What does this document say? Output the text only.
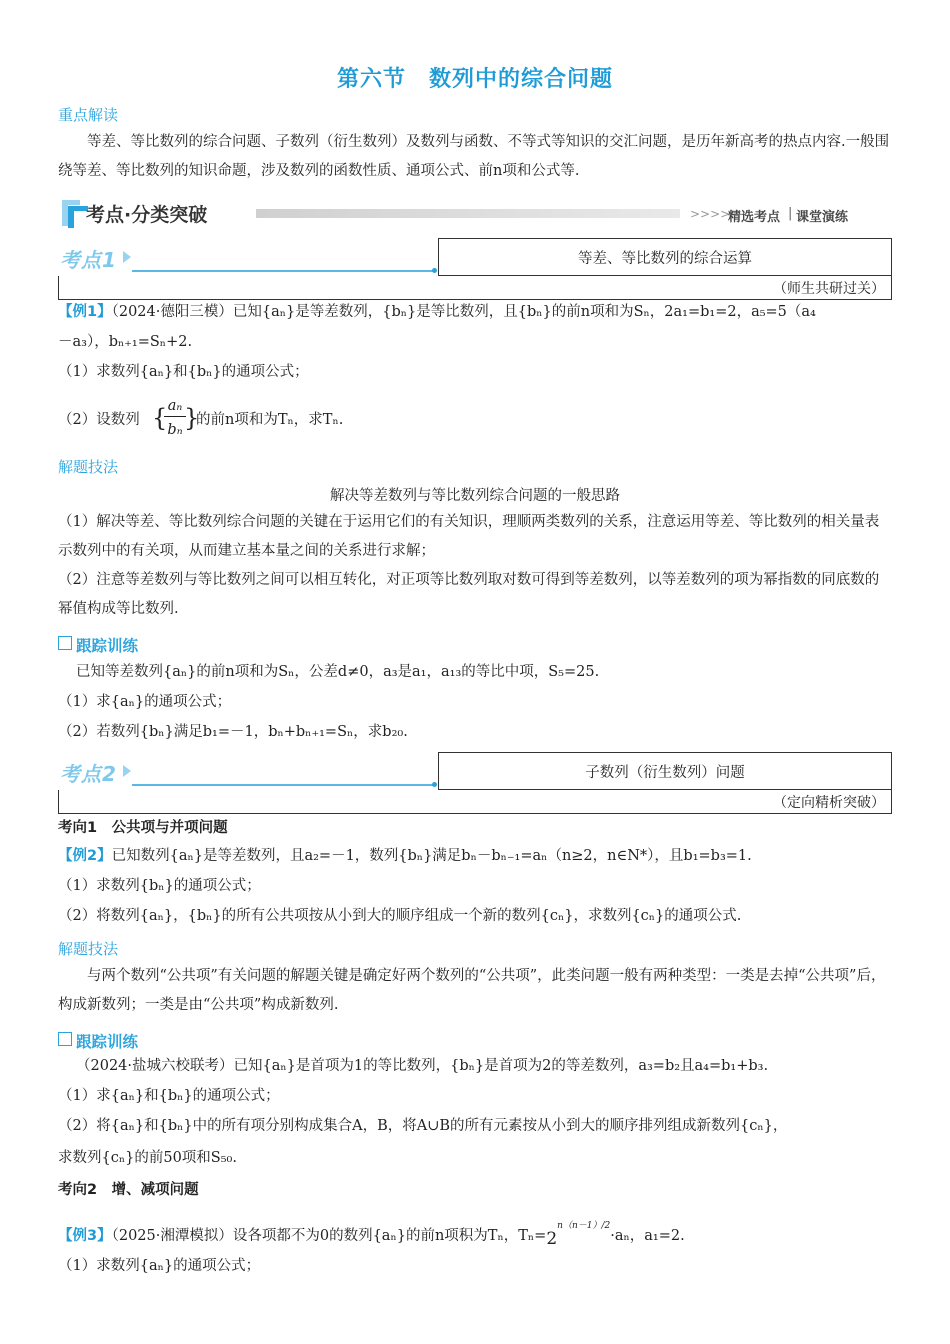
第六节　数列中的综合问题
重点解读
等差、等比数列的综合问题、子数列（衍生数列）及数列与函数、不等式等知识的交汇问题，是历年新高考的热点内容.一般围绕等差、等比数列的知识命题，涉及数列的函数性质、通项公式、前n项和公式等.
考点·分类突破	>>>>
精选考点 | 课堂演练
考点1	等差、等比数列的综合运算
（师生共研过关）
【例1】（2024·德阳三模）已知{aₙ}是等差数列，{bₙ}是等比数列，且{bₙ}的前n项和为Sₙ，2a₁=b₁=2，a₅=5（a₄
－a₃），bₙ₊₁=Sₙ+2.
（1）求数列{aₙ}和{bₙ}的通项公式；
（2）设数列 { aₙ
bₙ }
的前n项和为Tₙ，求Tₙ.
解题技法
解决等差数列与等比数列综合问题的一般思路
（1）解决等差、等比数列综合问题的关键在于运用它们的有关知识，理顺两类数列的关系，注意运用等差、等比数列的相关量表示数列中的有关项，从而建立基本量之间的关系进行求解；
（2）注意等差数列与等比数列之间可以相互转化，对正项等比数列取对数可得到等差数列，以等差数列的项为幂指数的同底数的幂值构成等比数列.
跟踪训练
已知等差数列{aₙ}的前n项和为Sₙ，公差d≠0，a₃是a₁，a₁₃的等比中项，S₅=25.
（1）求{aₙ}的通项公式；
（2）若数列{bₙ}满足b₁=－1，bₙ+bₙ₊₁=Sₙ，求b₂₀.
考点2	子数列（衍生数列）问题
（定向精析突破）
考向1　公共项与并项问题
【例2】已知数列{aₙ}是等差数列，且a₂=－1，数列{bₙ}满足bₙ－bₙ₋₁=aₙ（n≥2，n∈N*），且b₁=b₃=1.
（1）求数列{bₙ}的通项公式；
（2）将数列{aₙ}，{bₙ}的所有公共项按从小到大的顺序组成一个新的数列{cₙ}，求数列{cₙ}的通项公式.
解题技法
与两个数列“公共项”有关问题的解题关键是确定好两个数列的“公共项”，此类问题一般有两种类型：一类是去掉“公共项”后，构成新数列；一类是由“公共项”构成新数列.
跟踪训练
（2024·盐城六校联考）已知{aₙ}是首项为1的等比数列，{bₙ}是首项为2的等差数列，a₃=b₂且a₄=b₁+b₃.
（1）求{aₙ}和{bₙ}的通项公式；
（2）将{aₙ}和{bₙ}中的所有项分别构成集合A，B，将A∪B的所有元素按从小到大的顺序排列组成新数列{cₙ}，
求数列{cₙ}的前50项和S₅₀.
考向2　增、减项问题
【例3】（2025·湘潭模拟）设各项都不为0的数列{aₙ}的前n项积为Tₙ，$T_n=2^{n(n-1)/2}\cdot a_n$，a₁=2.
（1）求数列{aₙ}的通项公式；
